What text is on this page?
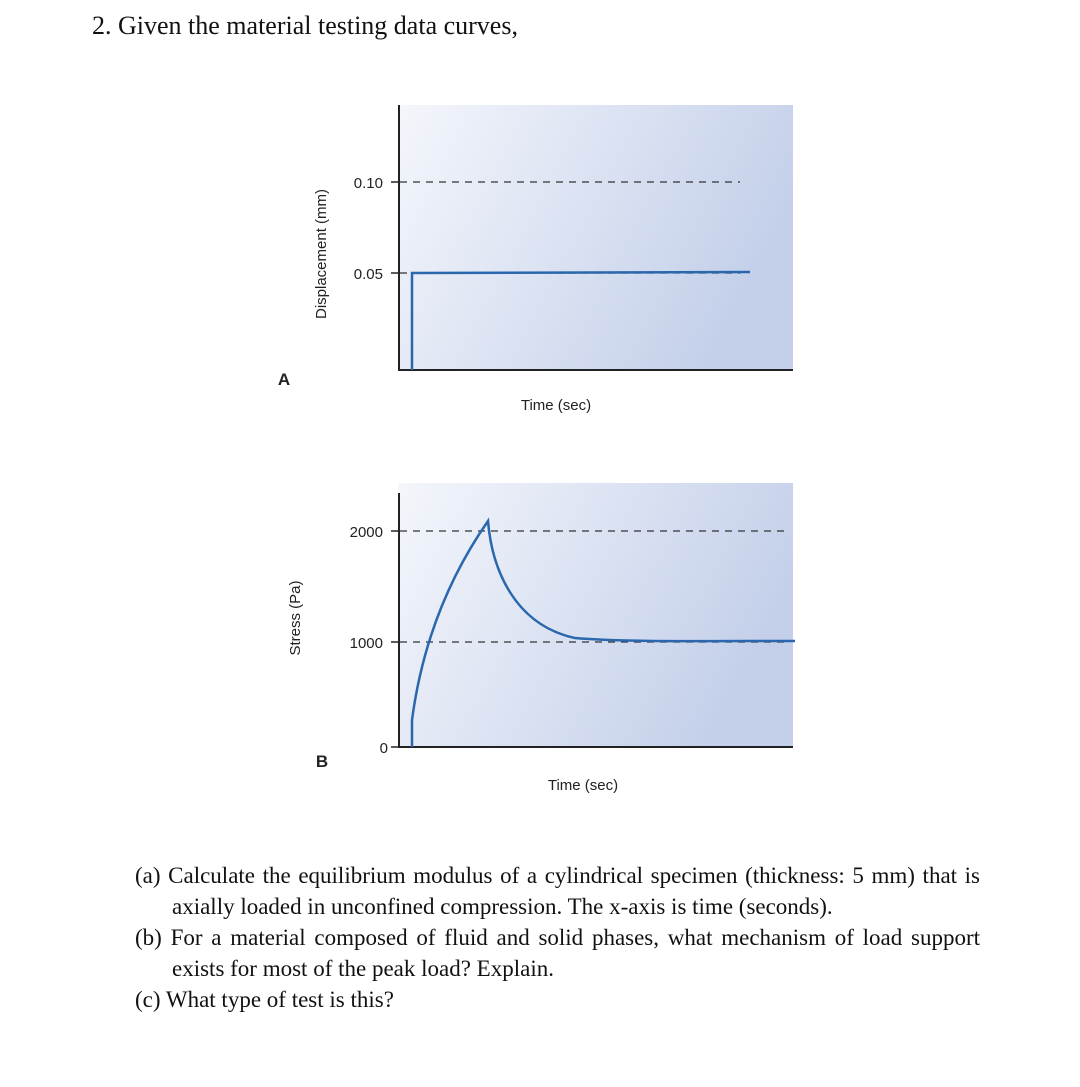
2. Given the material testing data curves,
0.10
0.05
Displacement (mm)
Time (sec)
A
2000
1000
0
Stress (Pa)
Time (sec)
B

(a) Calculate the equilibrium modulus of a cylindrical specimen (thickness: 5 mm) that is axially loaded in unconfined compression. The x-axis is time (seconds).

(b) For a material composed of fluid and solid phases, what mechanism of load support exists for most of the peak load? Explain.

(c) What type of test is this?
